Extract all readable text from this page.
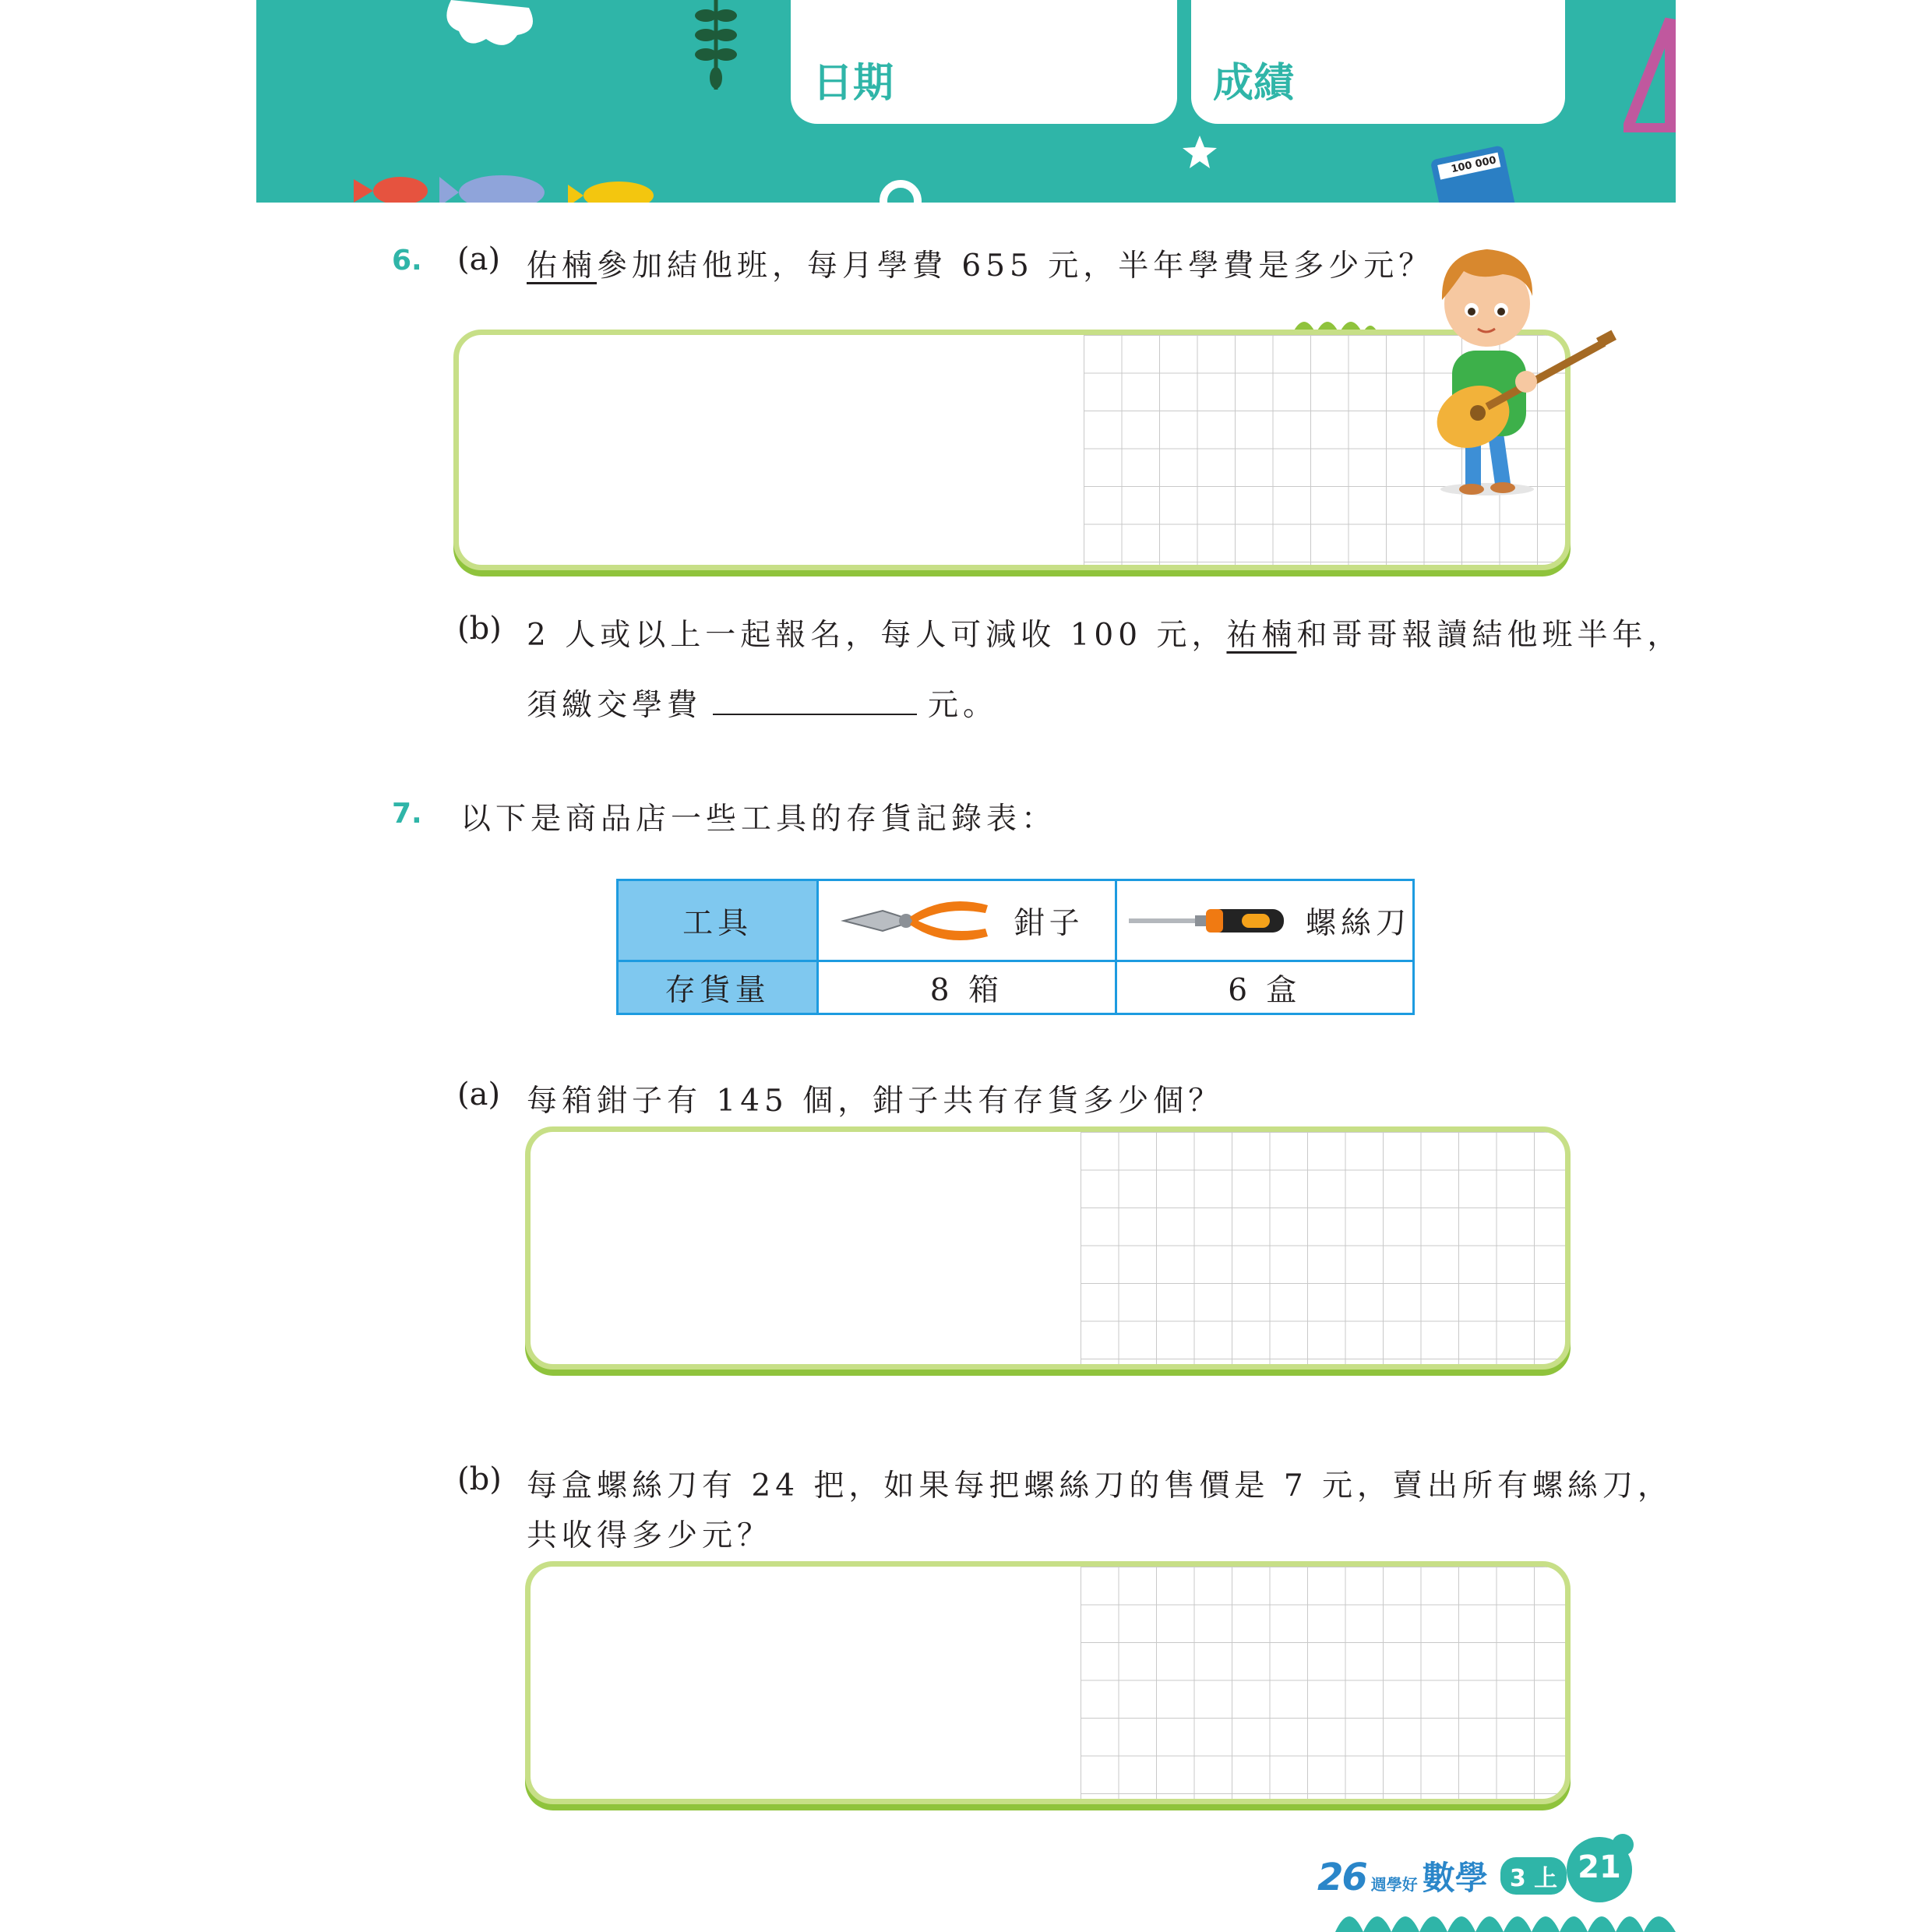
日期	成績
100 000
6. (a) 佑楠參加結他班，每月學費 655 元，半年學費是多少元？
(b) 2 人或以上一起報名，每人可減收 100 元，祐楠和哥哥報讀結他班半年，
須繳交學費	元。
7. 以下是商品店一些工具的存貨記錄表：
工具	鉗子	螺絲刀
存貨量	8 箱	6 盒
(a) 每箱鉗子有 145 個，鉗子共有存貨多少個？
(b) 每盒螺絲刀有 24 把，如果每把螺絲刀的售價是 7 元，賣出所有螺絲刀，
共收得多少元？
26 週學好 數學 3 上 21
